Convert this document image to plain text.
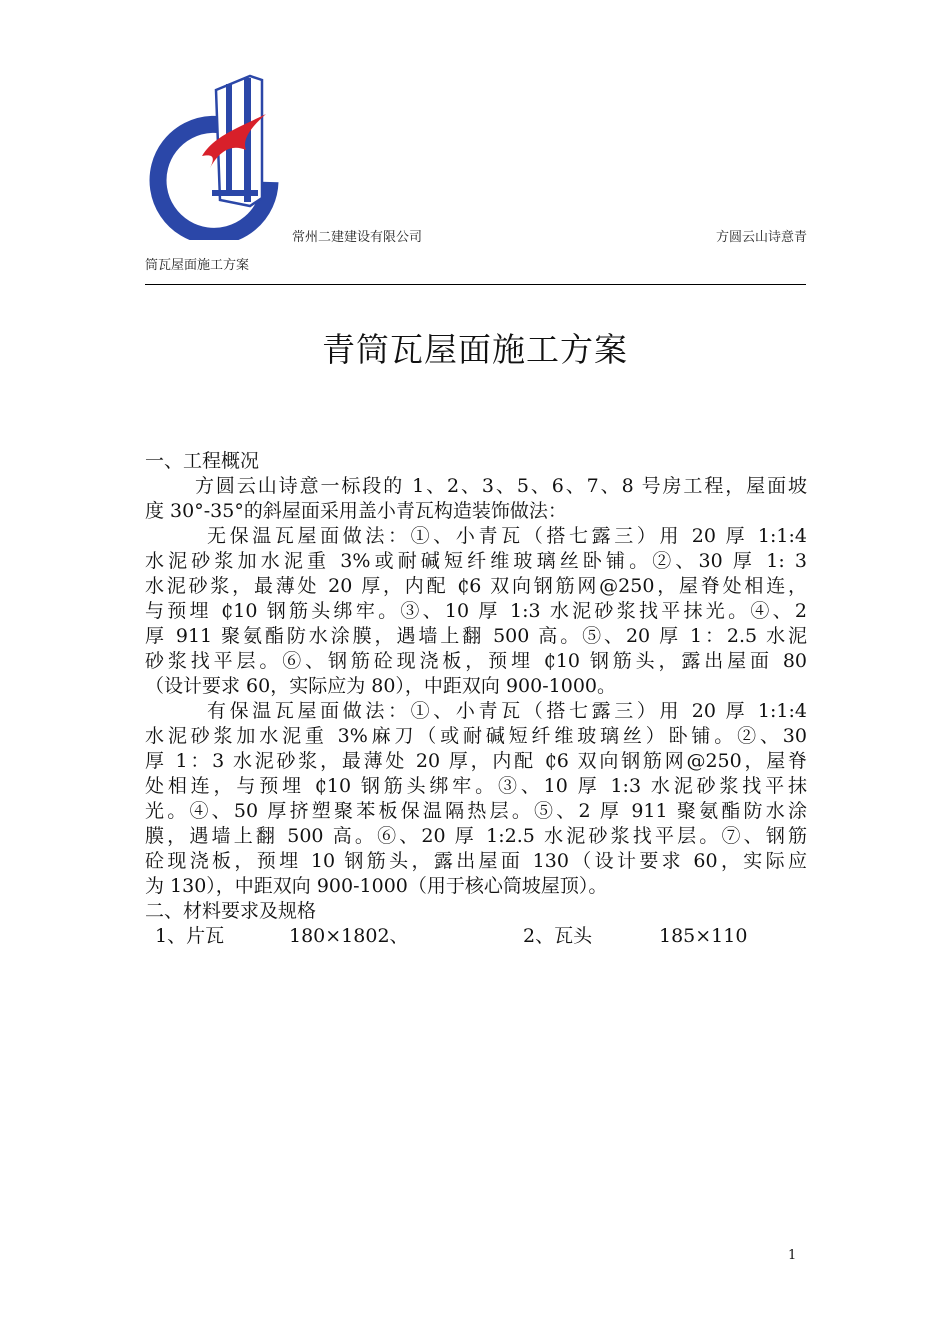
常州二建建设有限公司	方圆云山诗意青
筒瓦屋面施工方案
青筒瓦屋面施工方案
一、工程概况
方圆云山诗意一标段的 1、2、3、5、6、7、8 号房工程，屋面坡
度 30°-35°的斜屋面采用盖小青瓦构造装饰做法：
无保温瓦屋面做法：①、小青瓦（搭七露三）用 20 厚 1:1:4
水泥砂浆加水泥重 3%或耐碱短纤维玻璃丝卧铺。②、30 厚 1: 3
水泥砂浆，最薄处 20 厚，内配 ₵6 双向钢筋网@250，屋脊处相连，
与预埋 ₵10 钢筋头绑牢。③、10 厚 1:3 水泥砂浆找平抹光。④、2
厚 911 聚氨酯防水涂膜，遇墙上翻 500 高。⑤、20 厚 1：2.5 水泥
砂浆找平层。⑥、钢筋砼现浇板，预埋 ₵10 钢筋头，露出屋面 80
（设计要求 60，实际应为 80），中距双向 900-1000。
有保温瓦屋面做法：①、小青瓦（搭七露三）用 20 厚 1:1:4
水泥砂浆加水泥重 3%麻刀（或耐碱短纤维玻璃丝）卧铺。②、30
厚 1：3 水泥砂浆，最薄处 20 厚，内配 ₵6 双向钢筋网@250，屋脊
处相连，与预埋 ₵10 钢筋头绑牢。③、10 厚 1:3 水泥砂浆找平抹
光。④、50 厚挤塑聚苯板保温隔热层。⑤、2 厚 911 聚氨酯防水涂
膜，遇墙上翻 500 高。⑥、20 厚 1:2.5 水泥砂浆找平层。⑦、钢筋
砼现浇板，预埋 10 钢筋头，露出屋面 130（设计要求 60，实际应
为 130），中距双向 900-1000（用于核心筒坡屋顶）。
二、材料要求及规格
1、片瓦	180×1802、	2、瓦头	185×110
1
